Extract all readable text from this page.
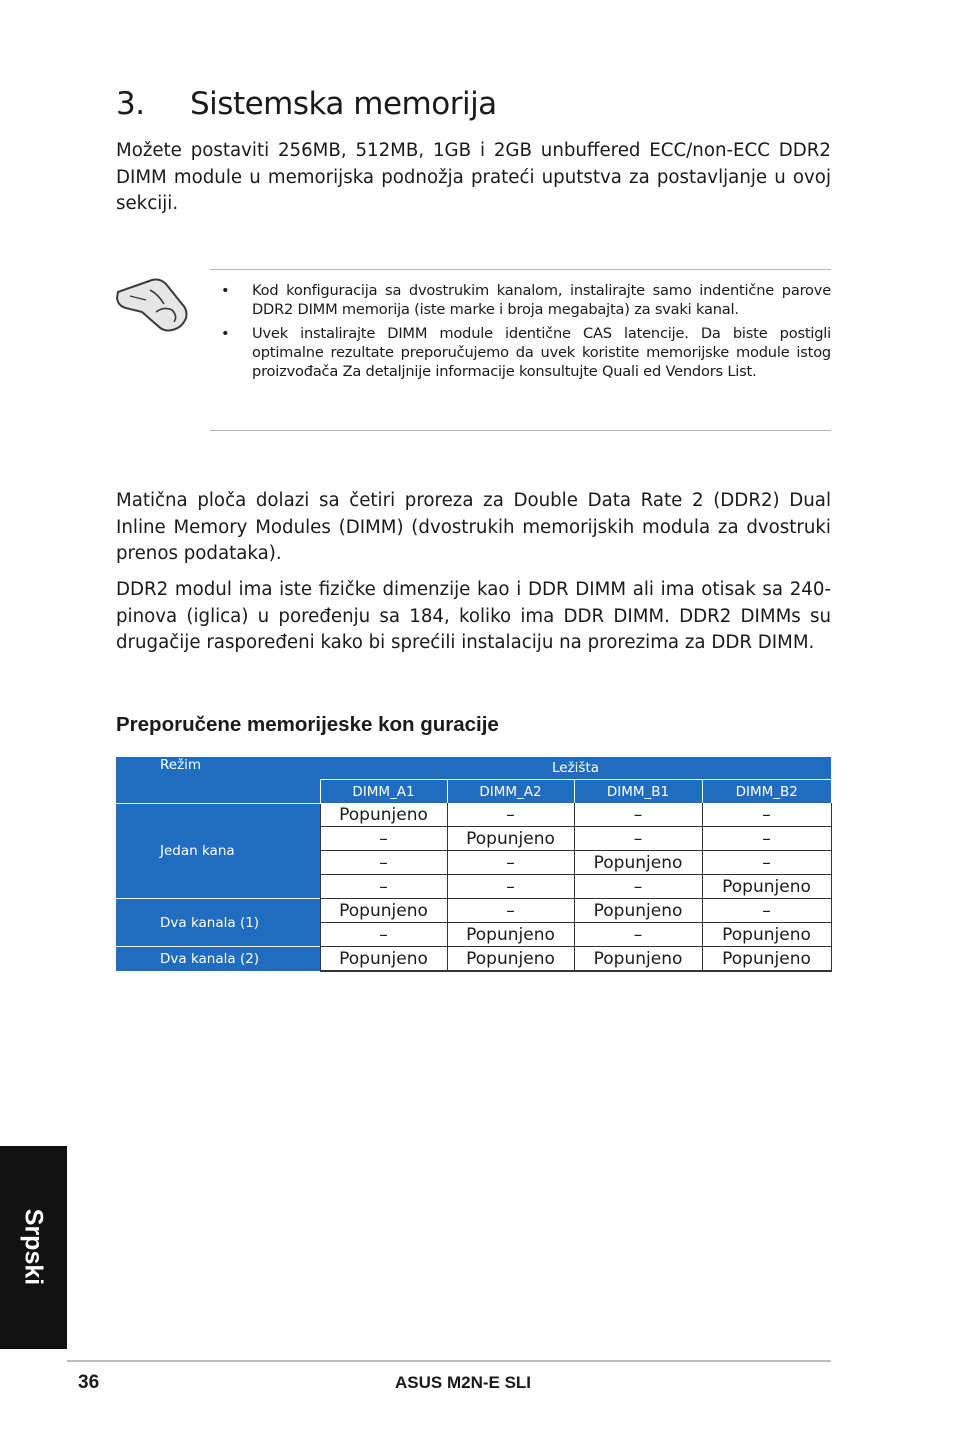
3. Sistemska memorija

Možete postaviti 256MB, 512MB, 1GB i 2GB unbuffered ECC/non-ECC DDR2 DIMM module u memorijska podnožja prateći uputstva za postavljanje u ovoj sekciji.

• Kod konfiguracija sa dvostrukim kanalom, instalirajte samo indentične parove DDR2 DIMM memorija (iste marke i broja megabajta) za svaki kanal.
• Uvek instalirajte DIMM module identične CAS latencije. Da biste postigli optimalne rezultate preporučujemo da uvek koristite memorijske module istog proizvođača Za detaljnije informacije konsultujte Quali ed Vendors List.

Matična ploča dolazi sa četiri proreza za Double Data Rate 2 (DDR2) Dual Inline Memory Modules (DIMM) (dvostrukih memorijskih modula za dvostruki prenos podataka).

DDR2 modul ima iste fizičke dimenzije kao i DDR DIMM ali ima otisak sa 240-pinova (iglica) u poređenju sa 184, koliko ima DDR DIMM. DDR2 DIMMs su drugačije raspoređeni kako bi sprećili instalaciju na prorezima za DDR DIMM.

Preporučene memorijeske kon guracije
Režim	Ležišta			
	DIMM_A1	DIMM_A2	DIMM_B1	DIMM_B2
Jedan kana	Popunjeno	–	–	–
	–	Popunjeno	–	–
	–	–	Popunjeno	–
	–	–	–	Popunjeno
Dva kanala (1)	Popunjeno	–	Popunjeno	–
	–	Popunjeno	–	Popunjeno
Dva kanala (2)	Popunjeno	Popunjeno	Popunjeno	Popunjeno
Srpski
36	ASUS M2N-E SLI
